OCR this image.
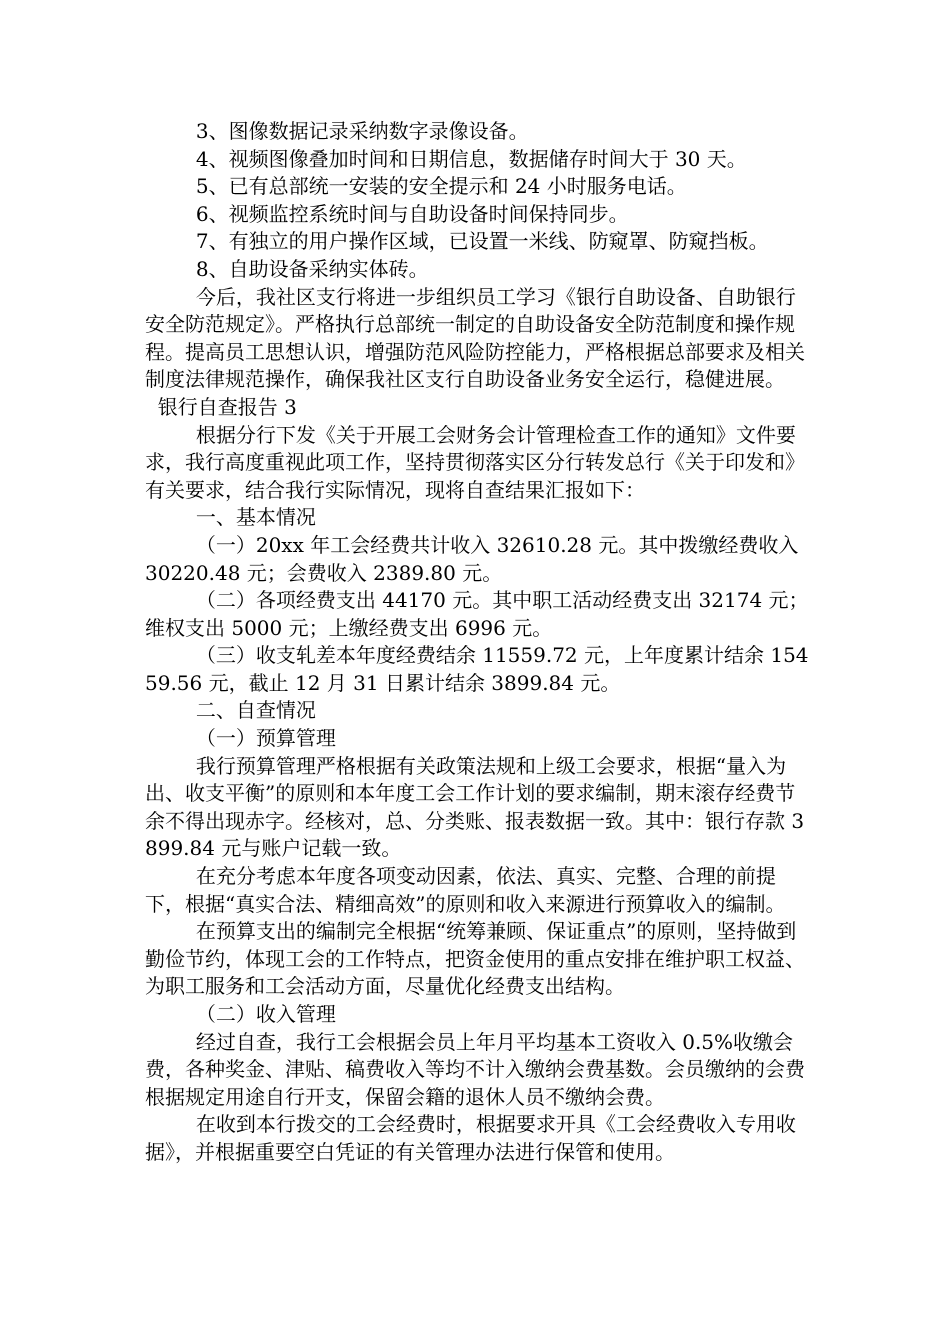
3、图像数据记录采纳数字录像设备。

4、视频图像叠加时间和日期信息，数据储存时间大于 30 天。

5、已有总部统一安装的安全提示和 24 小时服务电话。

6、视频监控系统时间与自助设备时间保持同步。

7、有独立的用户操作区域，已设置一米线、防窥罩、防窥挡板。

8、自助设备采纳实体砖。

今后，我社区支行将进一步组织员工学习《银行自助设备、自助银行安全防范规定》。严格执行总部统一制定的自助设备安全防范制度和操作规程。提高员工思想认识，增强防范风险防控能力，严格根据总部要求及相关制度法律规范操作，确保我社区支行自助设备业务安全运行，稳健进展。

银行自查报告 3

根据分行下发《关于开展工会财务会计管理检查工作的通知》文件要求，我行高度重视此项工作，坚持贯彻落实区分行转发总行《关于印发和》有关要求，结合我行实际情况，现将自查结果汇报如下：

一、基本情况

（一）20xx 年工会经费共计收入 32610.28 元。其中拨缴经费收入 30220.48 元；会费收入 2389.80 元。

（二）各项经费支出 44170 元。其中职工活动经费支出 32174 元；维权支出 5000 元；上缴经费支出 6996 元。

（三）收支轧差本年度经费结余 11559.72 元，上年度累计结余 15459.56 元，截止 12 月 31 日累计结余 3899.84 元。

二、自查情况

（一）预算管理

我行预算管理严格根据有关政策法规和上级工会要求，根据“量入为出、收支平衡”的原则和本年度工会工作计划的要求编制，期末滚存经费节余不得出现赤字。经核对，总、分类账、报表数据一致。其中：银行存款 3899.84 元与账户记载一致。

在充分考虑本年度各项变动因素，依法、真实、完整、合理的前提下，根据“真实合法、精细高效”的原则和收入来源进行预算收入的编制。

在预算支出的编制完全根据“统筹兼顾、保证重点”的原则，坚持做到勤俭节约，体现工会的工作特点，把资金使用的重点安排在维护职工权益、为职工服务和工会活动方面，尽量优化经费支出结构。

（二）收入管理

经过自查，我行工会根据会员上年月平均基本工资收入 0.5%收缴会费，各种奖金、津贴、稿费收入等均不计入缴纳会费基数。会员缴纳的会费根据规定用途自行开支，保留会籍的退休人员不缴纳会费。

在收到本行拨交的工会经费时，根据要求开具《工会经费收入专用收据》，并根据重要空白凭证的有关管理办法进行保管和使用。
